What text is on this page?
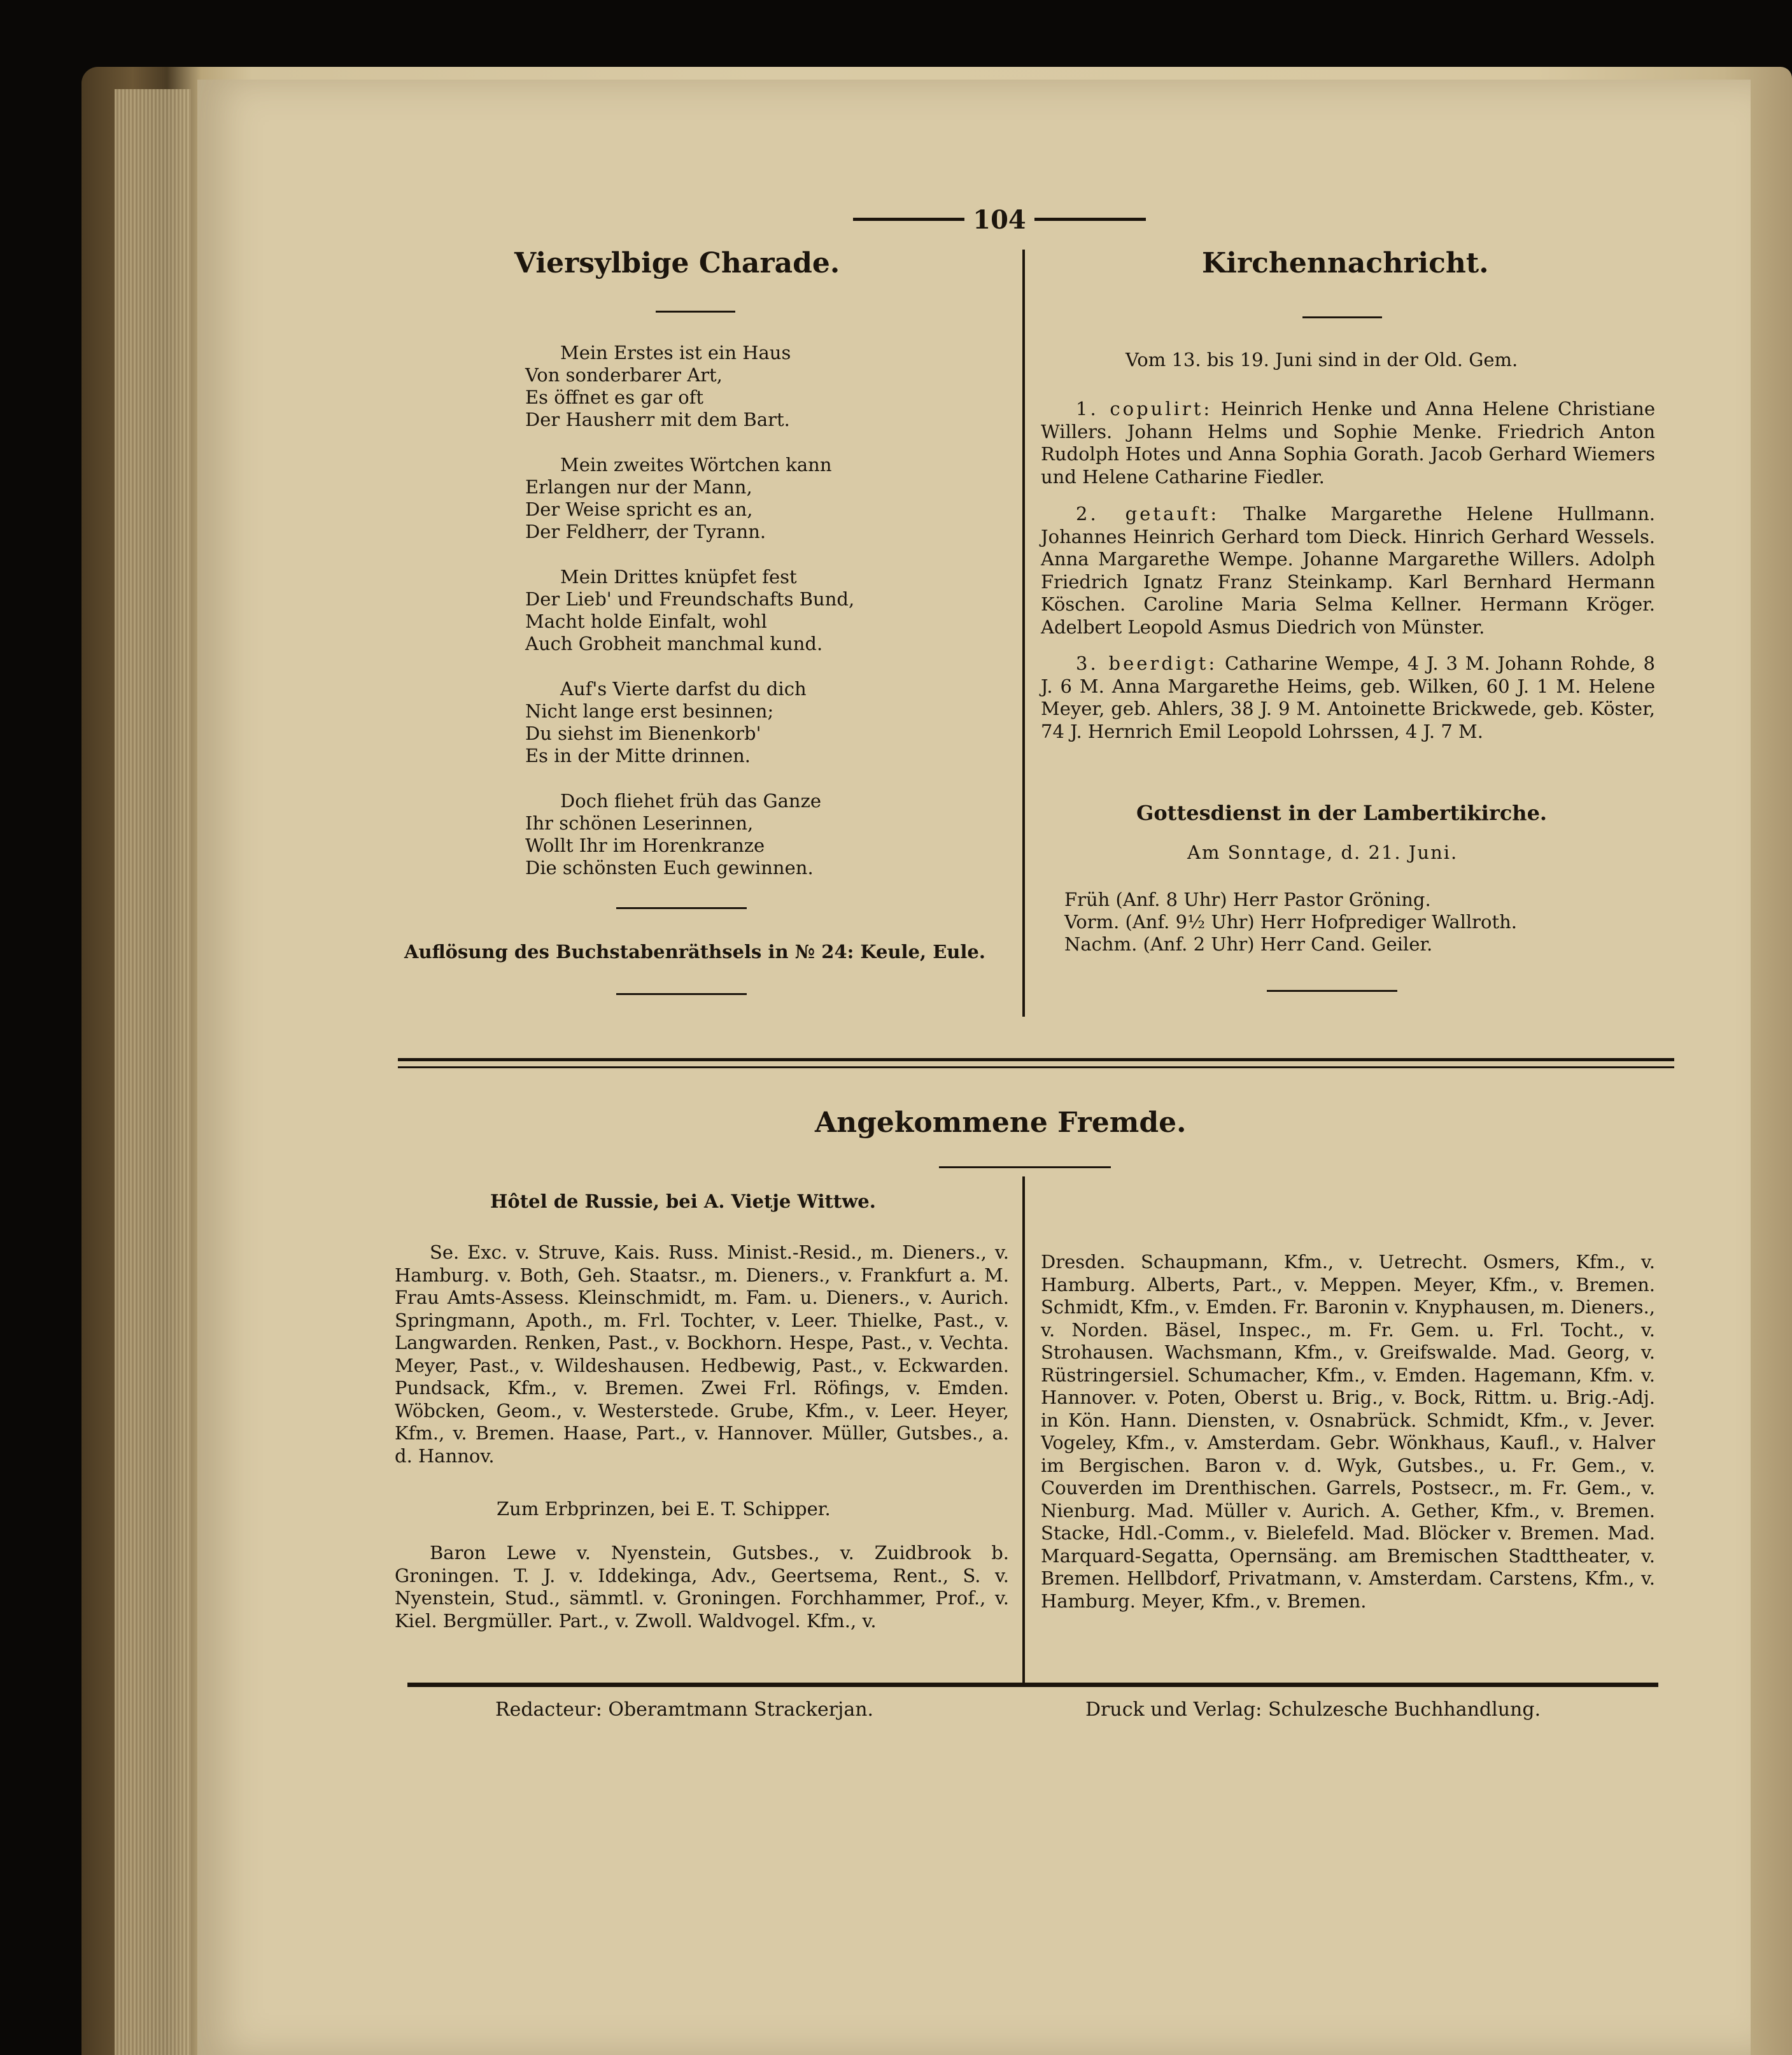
104
Viersylbige Charade.

Mein Erstes ist ein Haus

Von sonderbarer Art,

Es öffnet es gar oft

Der Hausherr mit dem Bart.

Mein zweites Wörtchen kann

Erlangen nur der Mann,

Der Weise spricht es an,

Der Feldherr, der Tyrann.

Mein Drittes knüpfet fest

Der Lieb' und Freundschafts Bund,

Macht holde Einfalt, wohl

Auch Grobheit manchmal kund.

Auf's Vierte darfst du dich

Nicht lange erst besinnen;

Du siehst im Bienenkorb'

Es in der Mitte drinnen.

Doch fliehet früh das Ganze

Ihr schönen Leserinnen,

Wollt Ihr im Horenkranze

Die schönsten Euch gewinnen.

Auflösung des Buchstabenräthsels in № 24: Keule, Eule.
Kirchennachricht.
Vom 13. bis 19. Juni sind in der Old. Gem.

1. copulirt: Heinrich Henke und Anna Helene Christiane Willers. Johann Helms und Sophie Menke. Friedrich Anton Rudolph Hotes und Anna Sophia Gorath. Jacob Gerhard Wiemers und Helene Catharine Fiedler.

2. getauft: Thalke Margarethe Helene Hullmann. Johannes Heinrich Gerhard tom Dieck. Hinrich Gerhard Wessels. Anna Margarethe Wempe. Johanne Margarethe Willers. Adolph Friedrich Ignatz Franz Steinkamp. Karl Bernhard Hermann Köschen. Caroline Maria Selma Kellner. Hermann Kröger. Adelbert Leopold Asmus Diedrich von Münster.

3. beerdigt: Catharine Wempe, 4 J. 3 M. Johann Rohde, 8 J. 6 M. Anna Margarethe Heims, geb. Wilken, 60 J. 1 M. Helene Meyer, geb. Ahlers, 38 J. 9 M. Antoinette Brickwede, geb. Köster, 74 J. Hernrich Emil Leopold Lohrssen, 4 J. 7 M.

Gottesdienst in der Lambertikirche.
Am Sonntage, d. 21. Juni.
Früh (Anf. 8 Uhr) Herr Pastor Gröning.
Vorm. (Anf. 9½ Uhr) Herr Hofprediger Wallroth.
Nachm. (Anf. 2 Uhr) Herr Cand. Geiler.
Angekommene Fremde.
Hôtel de Russie, bei A. Vietje Wittwe.

Se. Exc. v. Struve, Kais. Russ. Minist.-Resid., m. Dieners., v. Hamburg. v. Both, Geh. Staatsr., m. Dieners., v. Frankfurt a. M. Frau Amts-Assess. Kleinschmidt, m. Fam. u. Dieners., v. Aurich. Springmann, Apoth., m. Frl. Tochter, v. Leer. Thielke, Past., v. Langwarden. Renken, Past., v. Bockhorn. Hespe, Past., v. Vechta. Meyer, Past., v. Wildeshausen. Hedbewig, Past., v. Eckwarden. Pundsack, Kfm., v. Bremen. Zwei Frl. Röfings, v. Emden. Wöbcken, Geom., v. Westerstede. Grube, Kfm., v. Leer. Heyer, Kfm., v. Bremen. Haase, Part., v. Hannover. Müller, Gutsbes., a. d. Hannov.

Zum Erbprinzen, bei E. T. Schipper.

Baron Lewe v. Nyenstein, Gutsbes., v. Zuidbrook b. Groningen. T. J. v. Iddekinga, Adv., Geertsema, Rent., S. v. Nyenstein, Stud., sämmtl. v. Groningen. Forchhammer, Prof., v. Kiel. Bergmüller. Part., v. Zwoll. Waldvogel. Kfm., v.

Dresden. Schaupmann, Kfm., v. Uetrecht. Osmers, Kfm., v. Hamburg. Alberts, Part., v. Meppen. Meyer, Kfm., v. Bremen. Schmidt, Kfm., v. Emden. Fr. Baronin v. Knyphausen, m. Dieners., v. Norden. Bäsel, Inspec., m. Fr. Gem. u. Frl. Tocht., v. Strohausen. Wachsmann, Kfm., v. Greifswalde. Mad. Georg, v. Rüstringersiel. Schumacher, Kfm., v. Emden. Hagemann, Kfm. v. Hannover. v. Poten, Oberst u. Brig., v. Bock, Rittm. u. Brig.-Adj. in Kön. Hann. Diensten, v. Osnabrück. Schmidt, Kfm., v. Jever. Vogeley, Kfm., v. Amsterdam. Gebr. Wönkhaus, Kaufl., v. Halver im Bergischen. Baron v. d. Wyk, Gutsbes., u. Fr. Gem., v. Couverden im Drenthischen. Garrels, Postsecr., m. Fr. Gem., v. Nienburg. Mad. Müller v. Aurich. A. Gether, Kfm., v. Bremen. Stacke, Hdl.-Comm., v. Bielefeld. Mad. Blöcker v. Bremen. Mad. Marquard-Segatta, Opernsäng. am Bremischen Stadttheater, v. Bremen. Hellbdorf, Privatmann, v. Amsterdam. Carstens, Kfm., v. Hamburg. Meyer, Kfm., v. Bremen.

Redacteur: Oberamtmann Strackerjan.	Druck und Verlag: Schulzesche Buchhandlung.
